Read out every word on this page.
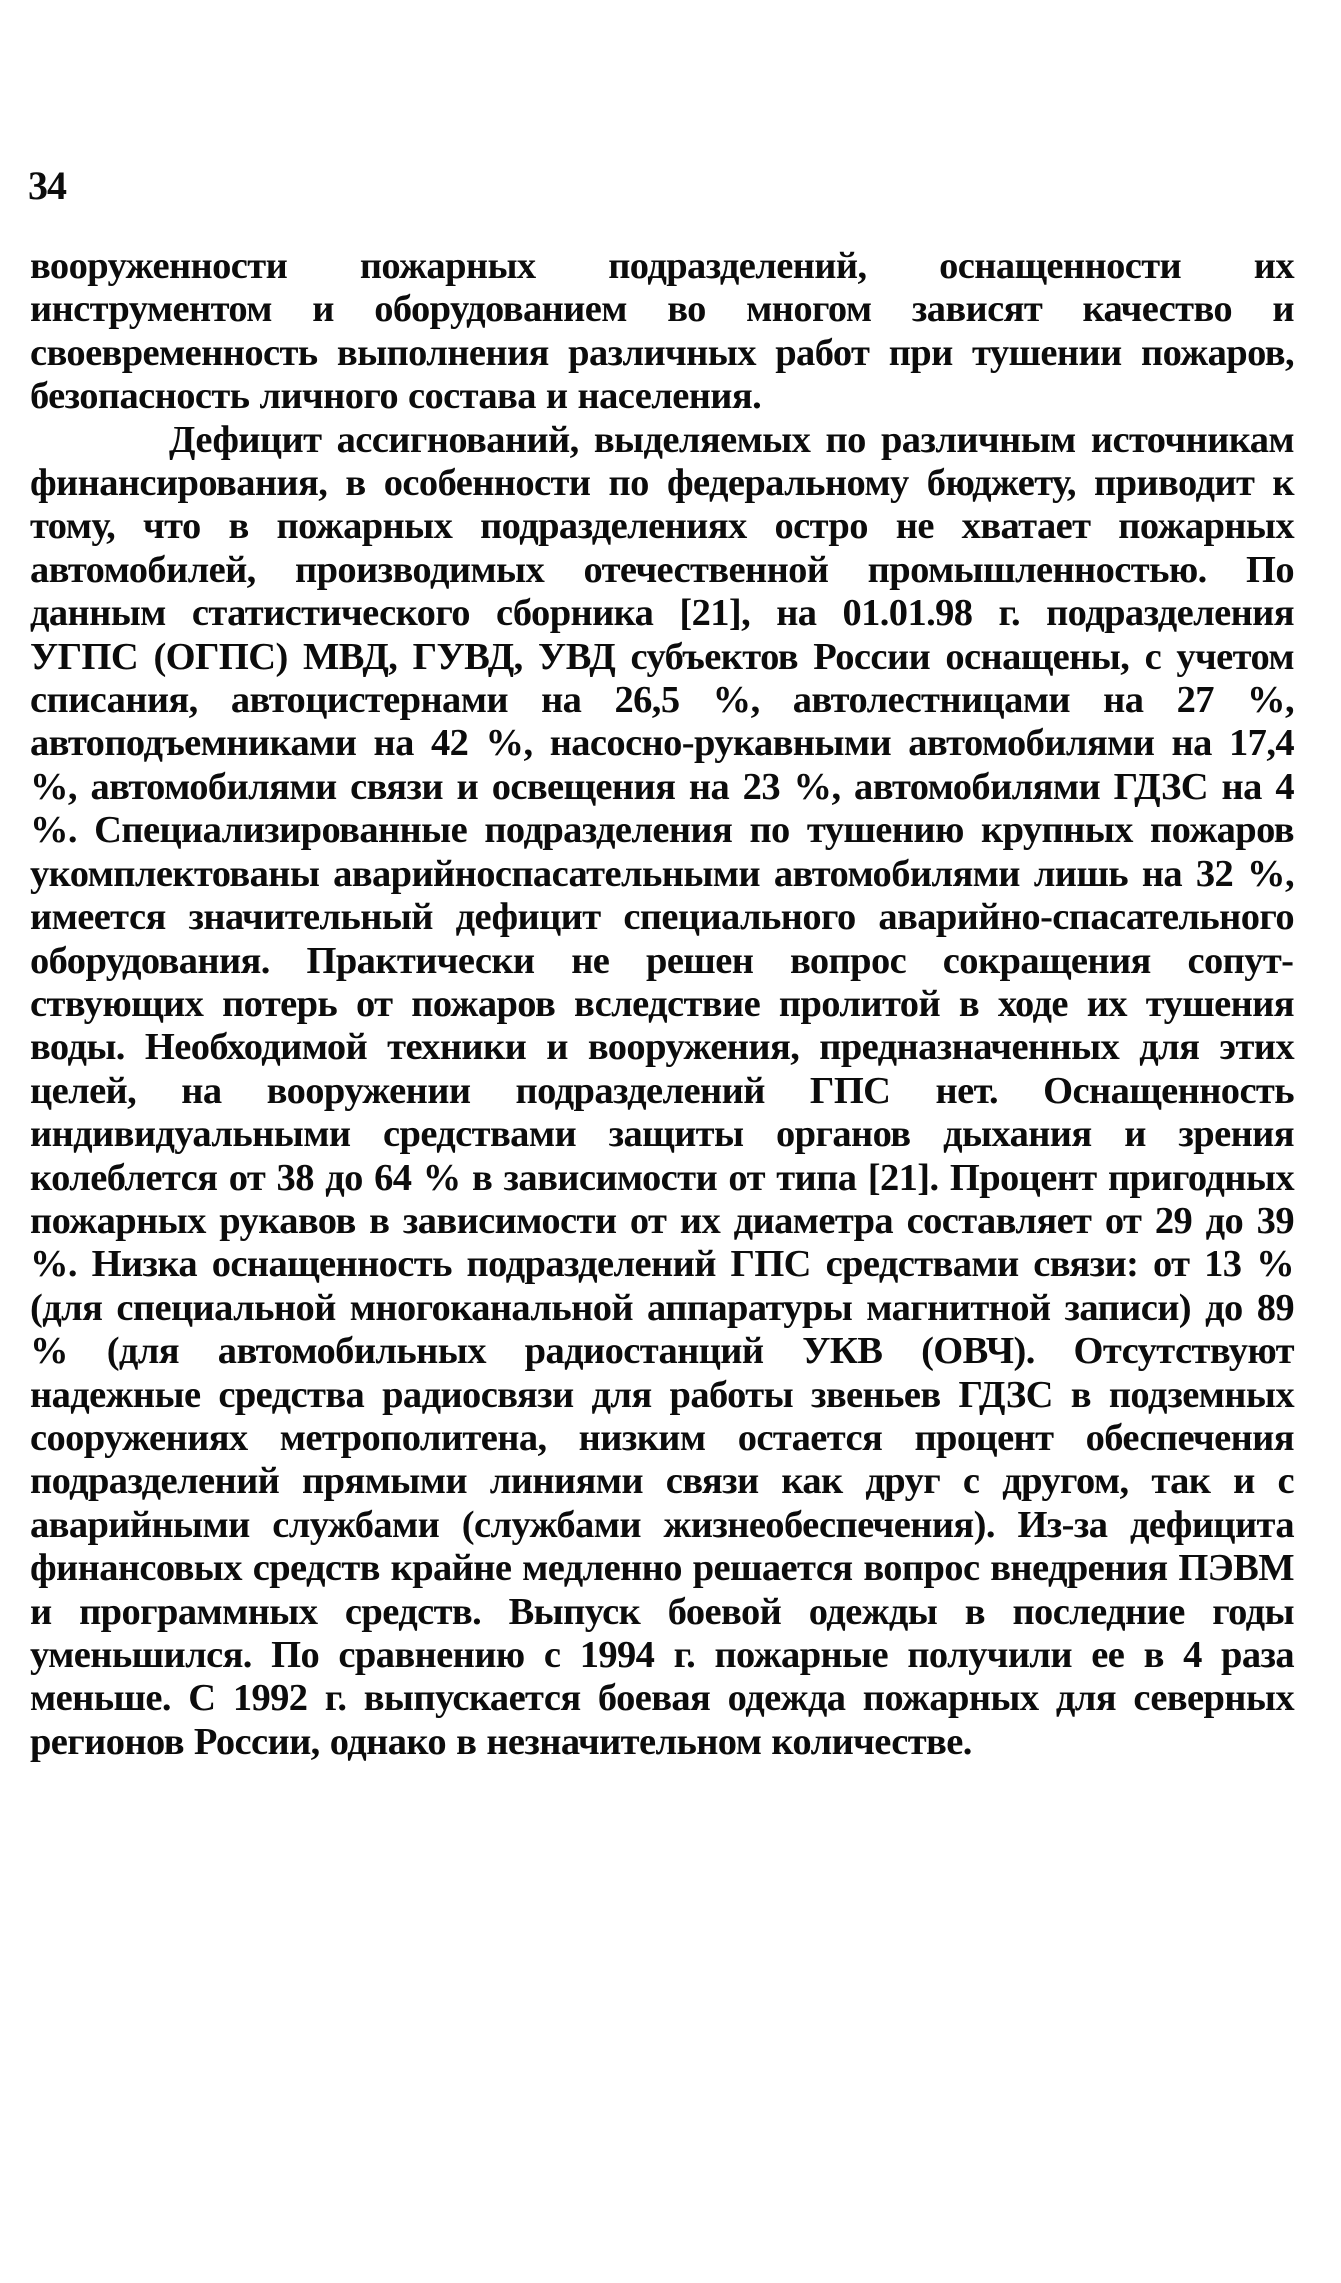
34

вооруженности пожарных подразделений, оснащенности их инструментом и оборудованием во многом зависят качество и своевременность выполнения различных работ при тушении пожаров, безопасность личного состава и населения.

Дефицит ассигнований, выделяемых по различным источникам финансирования, в особенности по федеральному бюджету, приводит к тому, что в пожарных подразделениях остро не хватает пожарных автомобилей, производимых отечественной промышленностью. По данным статистического сборника [21], на 01.01.98 г. подразделения УГПС (ОГПС) МВД, ГУВД, УВД субъектов России оснащены, с учетом списания, автоцистернами на 26,5 %, автолестницами на 27 %, автоподъемниками на 42 %, насосно-рукавными автомобилями на 17,4 %, автомобилями связи и освещения на 23 %, автомобилями ГДЗС на 4 %. Специализированные подразделения по тушению крупных пожаров укомплектованы аварийноспасательными автомобилями лишь на 32 %, имеется значительный дефицит специального аварийно-спасательного оборудования. Практически не решен вопрос сокращения сопутствующих потерь от пожаров вследствие пролитой в ходе их тушения воды. Необходимой техники и вооружения, предназначенных для этих целей, на вооружении подразделений ГПС нет. Оснащенность индивидуальными средствами защиты органов дыхания и зрения колеблется от 38 до 64 % в зависимости от типа [21]. Процент пригодных пожарных рукавов в зависимости от их диаметра составляет от 29 до 39 %. Низка оснащенность подразделений ГПС средствами связи: от 13 % (для специальной многоканальной аппаратуры магнитной записи) до 89 % (для автомобильных радиостанций УКВ (ОВЧ). Отсутствуют надежные средства радиосвязи для работы звеньев ГДЗС в подземных сооружениях метрополитена, низким остается процент обеспечения подразделений прямыми линиями связи как друг с другом, так и с аварийными службами (службами жизнеобеспечения). Из-за дефицита финансовых средств крайне медленно решается вопрос внедрения ПЭВМ и программных средств. Выпуск боевой одежды в последние годы уменьшился. По сравнению с 1994 г. пожарные получили ее в 4 раза меньше. С 1992 г. выпускается боевая одежда пожарных для северных регионов России, однако в незначительном количестве.
